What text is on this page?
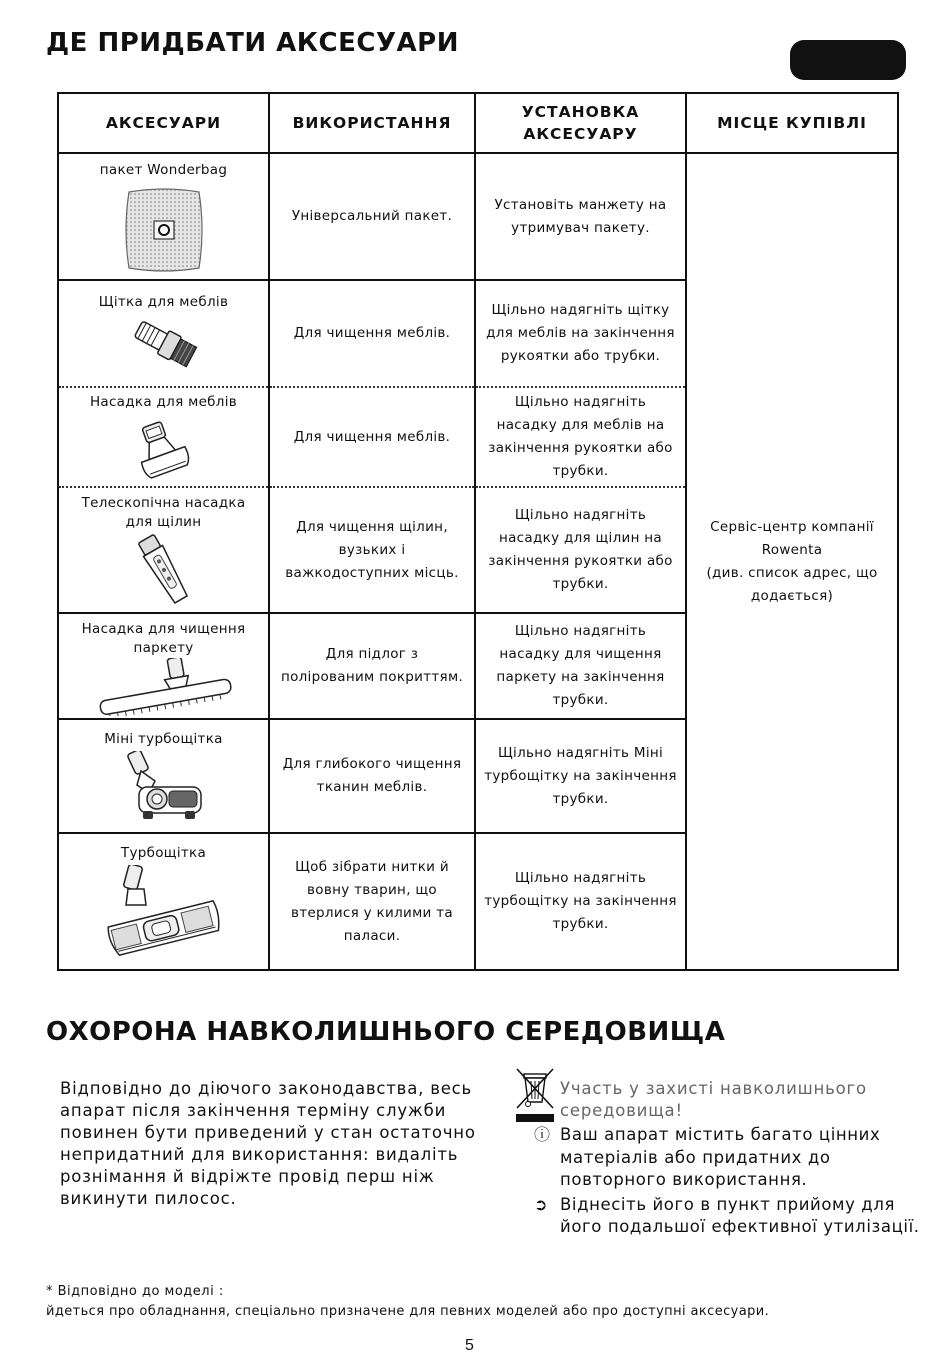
ДЕ ПРИДБАТИ АКСЕСУАРИ
АКСЕСУАРИ	ВИКОРИСТАННЯ	УСТАНОВКА АКСЕСУАРУ	МІСЦЕ КУПІВЛІ

пакет Wonderbag	Універсальний пакет.	Установіть манжету на утримувач пакету.	Сервіс-центр компанії
Rowenta
(див. список адрес, що
додається)

Щітка для меблів	Для чищення меблів.	Щільно надягніть щітку для меблів на закінчення рукоятки або трубки.	

Насадка для меблів	Для чищення меблів.	Щільно надягніть насадку для меблів на закінчення рукоятки або трубки.	

Телескопічна насадка для щілин	Для чищення щілин, вузьких і важкодоступних місць.	Щільно надягніть насадку для щілин на закінчення рукоятки або трубки.	

Насадка для чищення паркету	Для підлог з полірованим покриттям.	Щільно надягніть насадку для чищення паркету на закінчення трубки.	

Міні турбощітка	Для глибокого чищення тканин меблів.	Щільно надягніть Міні турбощітку на закінчення трубки.	

Турбощітка	Щоб зібрати нитки й вовну тварин, що втерлися у килими та паласи.	Щільно надягніть турбощітку на закінчення трубки.	
ОХОРОНА НАВКОЛИШНЬОГО СЕРЕДОВИЩА

Відповідно до діючого законодавства, весь апарат після закінчення терміну служби повинен бути приведений у стан остаточно непридатний для використання: видаліть рознімання й відріжте провід перш ніж викинути пилосос.

Участь у захисті навколишнього середовища!

ⓘ Ваш апарат містить багато цінних матеріалів або придатних до повторного використання.
➲ Віднесіть його в пункт прийому для його подальшої ефективної утилізації.
* Відповідно до моделі :
йдеться про обладнання, спеціально призначене для певних моделей або про доступні аксесуари.
5
